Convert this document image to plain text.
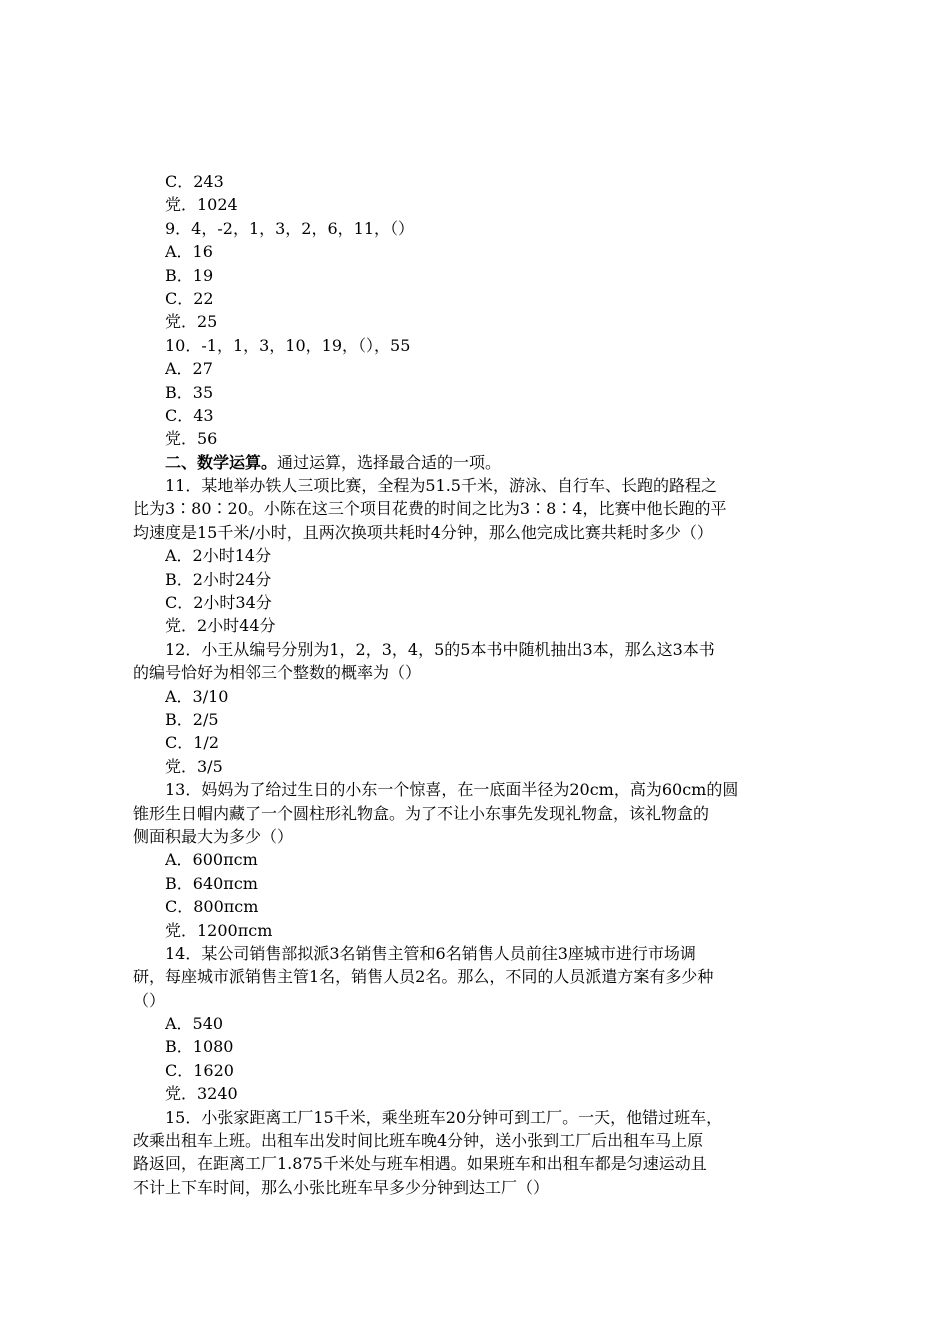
C．243
党．1024
9．4，-2，1，3，2，6，11，（）
A．16
B．19
C．22
党．25
10．-1，1，3，10，19，（），55
A．27
B．35
C．43
党．56
二、数学运算。通过运算，选择最合适的一项。
11．某地举办铁人三项比赛，全程为51.5千米，游泳、自行车、长跑的路程之
比为3∶80∶20。小陈在这三个项目花费的时间之比为3∶8∶4，比赛中他长跑的平
均速度是15千米/小时，且两次换项共耗时4分钟，那么他完成比赛共耗时多少（）
A．2小时14分
B．2小时24分
C．2小时34分
党．2小时44分
12．小王从编号分别为1，2，3，4，5的5本书中随机抽出3本，那么这3本书
的编号恰好为相邻三个整数的概率为（）
A．3/10
B．2/5
C．1/2
党．3/5
13．妈妈为了给过生日的小东一个惊喜，在一底面半径为20cm，高为60cm的圆
锥形生日帽内藏了一个圆柱形礼物盒。为了不让小东事先发现礼物盒，该礼物盒的
侧面积最大为多少（）
A．600πcm
B．640πcm
C．800πcm
党．1200πcm
14．某公司销售部拟派3名销售主管和6名销售人员前往3座城市进行市场调
研，每座城市派销售主管1名，销售人员2名。那么，不同的人员派遣方案有多少种
（）
A．540
B．1080
C．1620
党．3240
15．小张家距离工厂15千米，乘坐班车20分钟可到工厂。一天，他错过班车，
改乘出租车上班。出租车出发时间比班车晚4分钟，送小张到工厂后出租车马上原
路返回，在距离工厂1.875千米处与班车相遇。如果班车和出租车都是匀速运动且
不计上下车时间，那么小张比班车早多少分钟到达工厂（）
